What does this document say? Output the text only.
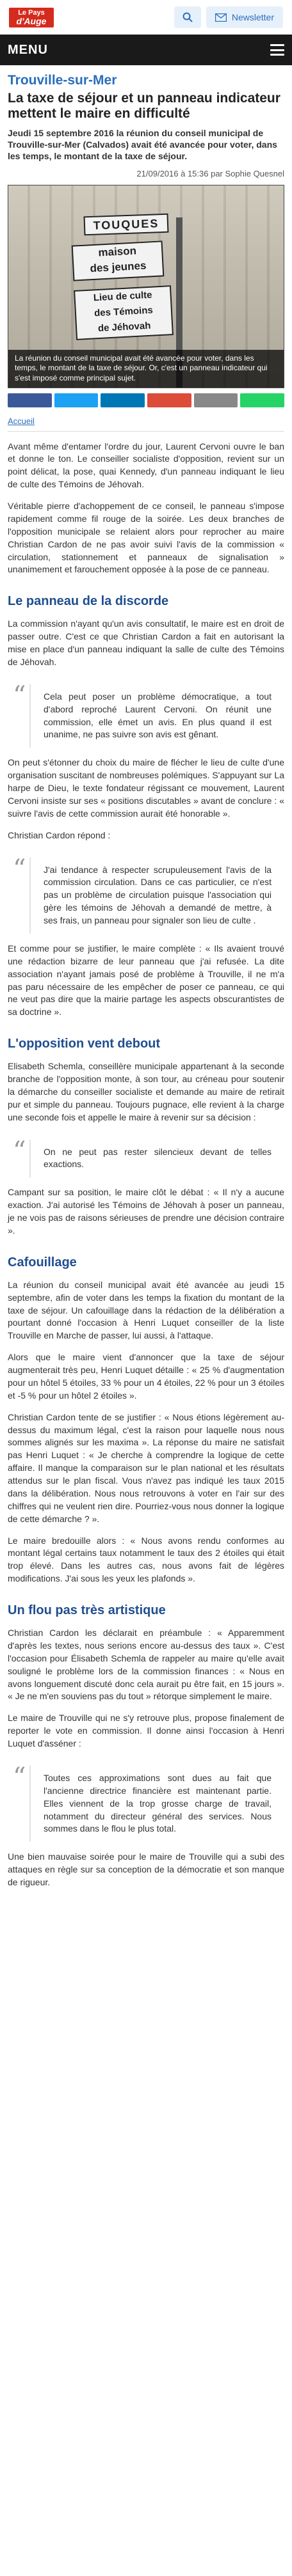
Le Pays
d'Auge	Newsletter
MENU
Trouville-sur-Mer
La taxe de séjour et un panneau indicateur mettent le maire en difficulté
Jeudi 15 septembre 2016 la réunion du conseil municipal de Trouville-sur-Mer (Calvados) avait été avancée pour voter, dans les temps, le montant de la taxe de séjour.
21/09/2016 à 15:36 par Sophie Quesnel
TOUQUES
maison
des jeunes
Lieu de culte
des Témoins
de Jéhovah
La réunion du conseil municipal avait été avancée pour voter, dans les temps, le montant de la taxe de séjour. Or, c'est un panneau indicateur qui s'est imposé comme principal sujet.
Accueil

Avant même d'entamer l'ordre du jour, Laurent Cervoni ouvre le ban et donne le ton. Le conseiller socialiste d'opposition, revient sur un point délicat, la pose, quai Kennedy, d'un panneau indiquant le lieu de culte des Témoins de Jéhovah.

Véritable pierre d'achoppement de ce conseil, le panneau s'impose rapidement comme fil rouge de la soirée. Les deux branches de l'opposition municipale se relaient alors pour reprocher au maire Christian Cardon de ne pas avoir suivi l'avis de la commission « circulation, stationnement et panneaux de signalisation » unanimement et farouchement opposée à la pose de ce panneau.

Le panneau de la discorde

La commission n'ayant qu'un avis consultatif, le maire est en droit de passer outre. C'est ce que Christian Cardon a fait en autorisant la mise en place d'un panneau indiquant la salle de culte des Témoins de Jéhovah.

“ Cela peut poser un problème démocratique, a tout d'abord reproché Laurent Cervoni. On réunit une commission, elle émet un avis. En plus quand il est unanime, ne pas suivre son avis est gênant.

On peut s'étonner du choix du maire de flécher le lieu de culte d'une organisation suscitant de nombreuses polémiques. S'appuyant sur La harpe de Dieu, le texte fondateur régissant ce mouvement, Laurent Cervoni insiste sur ses « positions discutables » avant de conclure : « suivre l'avis de cette commission aurait été honorable ».

Christian Cardon répond :

“ J'ai tendance à respecter scrupuleusement l'avis de la commission circulation. Dans ce cas particulier, ce n'est pas un problème de circulation puisque l'association qui gère les témoins de Jéhovah a demandé de mettre, à ses frais, un panneau pour signaler son lieu de culte .

Et comme pour se justifier, le maire complète : « Ils avaient trouvé une rédaction bizarre de leur panneau que j'ai refusée. La dite association n'ayant jamais posé de problème à Trouville, il ne m'a pas paru nécessaire de les empêcher de poser ce panneau, ce qui ne veut pas dire que la mairie partage les aspects obscurantistes de sa doctrine ».

L'opposition vent debout

Elisabeth Schemla, conseillère municipale appartenant à la seconde branche de l'opposition monte, à son tour, au créneau pour soutenir la démarche du conseiller socialiste et demande au maire de retirait pur et simple du panneau. Toujours pugnace, elle revient à la charge une seconde fois et appelle le maire à revenir sur sa décision :

“ On ne peut pas rester silencieux devant de telles exactions.

Campant sur sa position, le maire clôt le débat : « Il n'y a aucune exaction. J'ai autorisé les Témoins de Jéhovah à poser un panneau, je ne vois pas de raisons sérieuses de prendre une décision contraire ».

Cafouillage

La réunion du conseil municipal avait été avancée au jeudi 15 septembre, afin de voter dans les temps la fixation du montant de la taxe de séjour. Un cafouillage dans la rédaction de la délibération a pourtant donné l'occasion à Henri Luquet conseiller de la liste Trouville en Marche de passer, lui aussi, à l'attaque.

Alors que le maire vient d'annoncer que la taxe de séjour augmenterait très peu, Henri Luquet détaille : « 25 % d'augmentation pour un hôtel 5 étoiles, 33 % pour un 4 étoiles, 22 % pour un 3 étoiles et -5 % pour un hôtel 2 étoiles ».

Christian Cardon tente de se justifier : « Nous étions légèrement au-dessus du maximum légal, c'est la raison pour laquelle nous nous sommes alignés sur les maxima ». La réponse du maire ne satisfait pas Henri Luquet : « Je cherche à comprendre la logique de cette affaire. Il manque la comparaison sur le plan national et les résultats attendus sur le plan fiscal. Vous n'avez pas indiqué les taux 2015 dans la délibération. Nous nous retrouvons à voter en l'air sur des chiffres qui ne veulent rien dire. Pourriez-vous nous donner la logique de cette démarche ? ».

Le maire bredouille alors : « Nous avons rendu conformes au montant légal certains taux notamment le taux des 2 étoiles qui était trop élevé. Dans les autres cas, nous avons fait de légères modifications. J'ai sous les yeux les plafonds ».

Un flou pas très artistique

Christian Cardon les déclarait en préambule : « Apparemment d'après les textes, nous serions encore au-dessus des taux ». C'est l'occasion pour Élisabeth Schemla de rappeler au maire qu'elle avait souligné le problème lors de la commission finances : « Nous en avons longuement discuté donc cela aurait pu être fait, en 15 jours ». « Je ne m'en souviens pas du tout » rétorque simplement le maire.

Le maire de Trouville qui ne s'y retrouve plus, propose finalement de reporter le vote en commission. Il donne ainsi l'occasion à Henri Luquet d'asséner :

“ Toutes ces approximations sont dues au fait que l'ancienne directrice financière est maintenant partie. Elles viennent de la trop grosse charge de travail, notamment du directeur général des services. Nous sommes dans le flou le plus total.

Une bien mauvaise soirée pour le maire de Trouville qui a subi des attaques en règle sur sa conception de la démocratie et son manque de rigueur.
